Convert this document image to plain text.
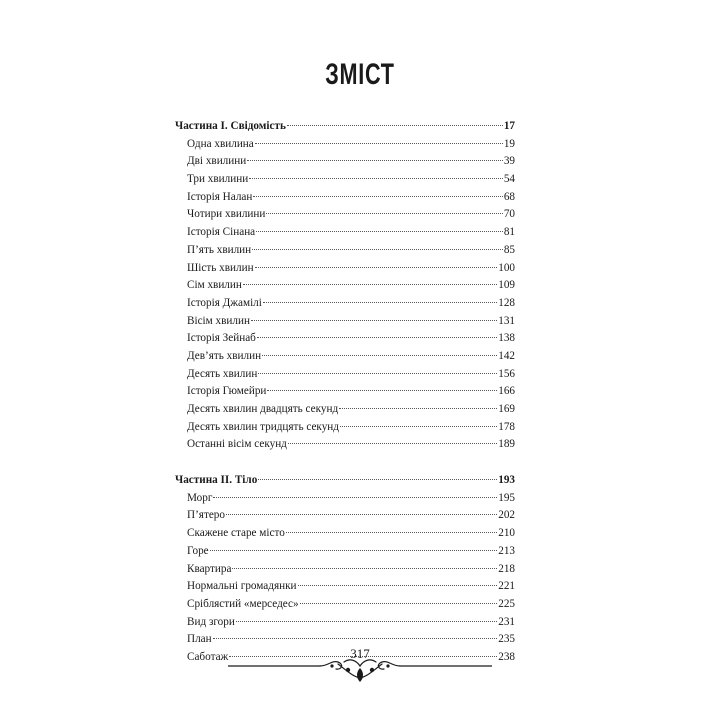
ЗМІСТ
Частина I. Свідомість	17
Одна хвилина	19
Дві хвилини	39
Три хвилини	54
Історія Налан	68
Чотири хвилини	70
Історія Сінана	81
П’ять хвилин	85
Шість хвилин	100
Сім хвилин	109
Історія Джамілі	128
Вісім хвилин	131
Історія Зейнаб	138
Дев’ять хвилин	142
Десять хвилин	156
Історія Гюмейри	166
Десять хвилин двадцять секунд	169
Десять хвилин тридцять секунд	178
Останні вісім секунд	189
Частина II. Тіло	193
Морг	195
П’ятеро	202
Скажене старе місто	210
Горе	213
Квартира	218
Нормальні громадянки	221
Сріблястий «мерседес»	225
Вид згори	231
План	235
Саботаж	238
317
